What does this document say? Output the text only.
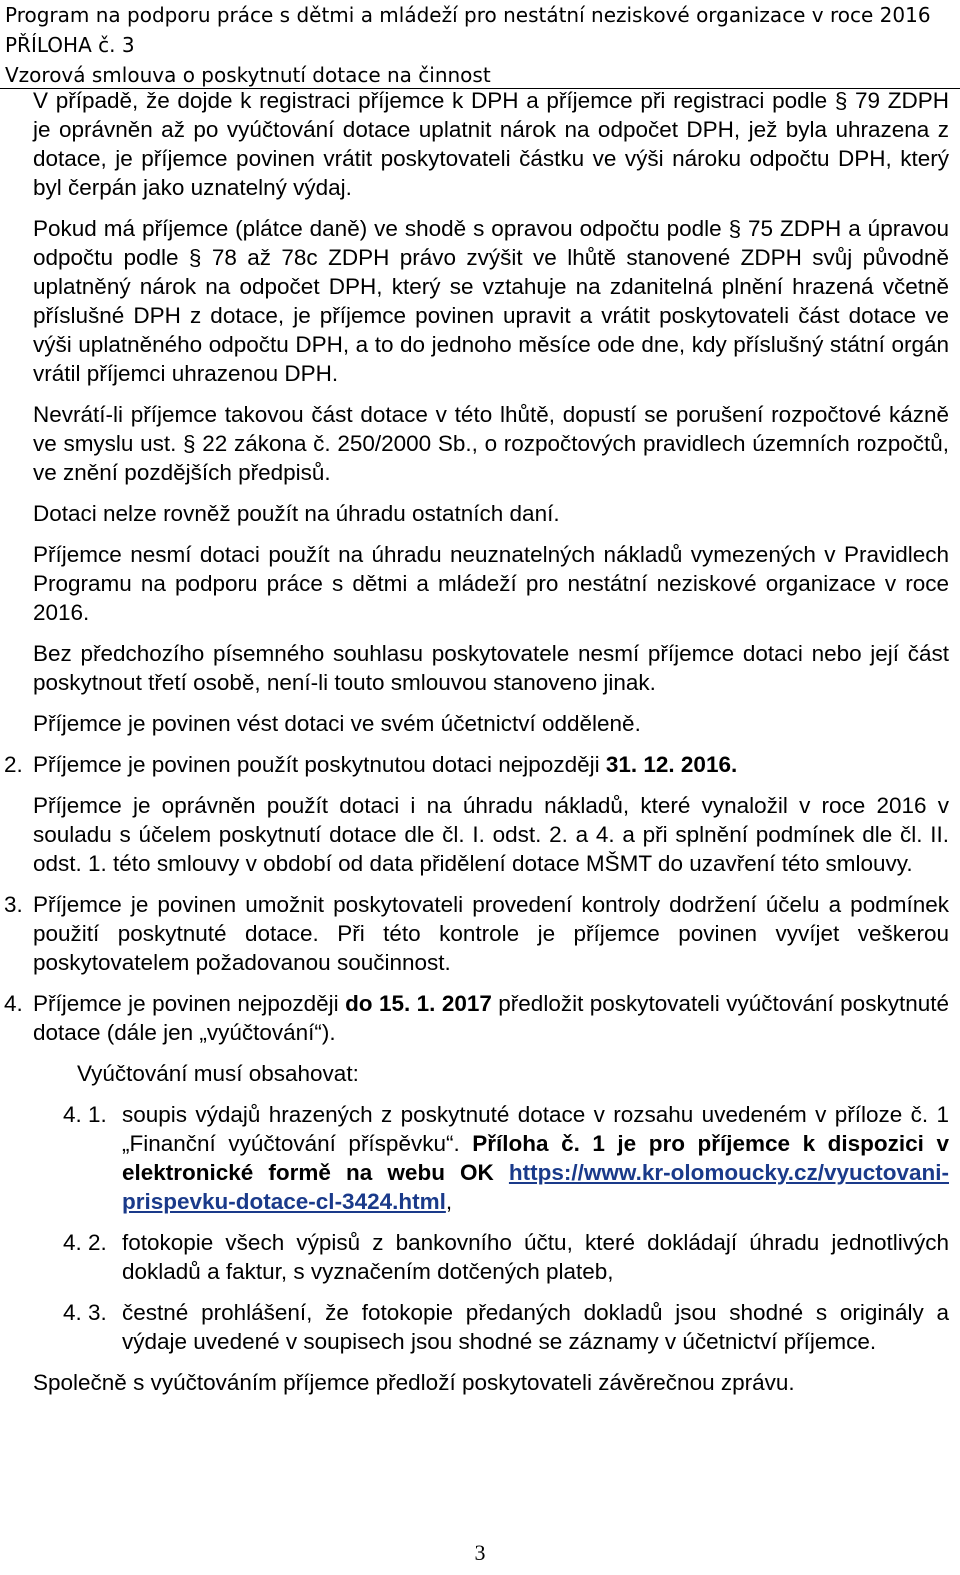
Program na podporu práce s dětmi a mládeží pro nestátní neziskové organizace v roce 2016
PŘÍLOHA č. 3
Vzorová smlouva o poskytnutí dotace na činnost

V případě, že dojde k registraci příjemce k DPH a příjemce při registraci podle § 79 ZDPH je oprávněn až po vyúčtování dotace uplatnit nárok na odpočet DPH, jež byla uhrazena z dotace, je příjemce povinen vrátit poskytovateli částku ve výši nároku odpočtu DPH, který byl čerpán jako uznatelný výdaj.

Pokud má příjemce (plátce daně) ve shodě s opravou odpočtu podle § 75 ZDPH a úpravou odpočtu podle § 78 až 78c ZDPH právo zvýšit ve lhůtě stanovené ZDPH svůj původně uplatněný nárok na odpočet DPH, který se vztahuje na zdanitelná plnění hrazená včetně příslušné DPH z dotace, je příjemce povinen upravit a vrátit poskytovateli část dotace ve výši uplatněného odpočtu DPH, a to do jednoho měsíce ode dne, kdy příslušný státní orgán vrátil příjemci uhrazenou DPH.

Nevrátí-li příjemce takovou část dotace v této lhůtě, dopustí se porušení rozpočtové kázně ve smyslu ust. § 22 zákona č. 250/2000 Sb., o rozpočtových pravidlech územních rozpočtů, ve znění pozdějších předpisů.

Dotaci nelze rovněž použít na úhradu ostatních daní.

Příjemce nesmí dotaci použít na úhradu neuznatelných nákladů vymezených v Pravidlech Programu na podporu práce s dětmi a mládeží pro nestátní neziskové organizace v roce 2016.

Bez předchozího písemného souhlasu poskytovatele nesmí příjemce dotaci nebo její část poskytnout třetí osobě, není-li touto smlouvou stanoveno jinak.

Příjemce je povinen vést dotaci ve svém účetnictví odděleně.

2. Příjemce je povinen použít poskytnutou dotaci nejpozději 31. 12. 2016.

Příjemce je oprávněn použít dotaci i na úhradu nákladů, které vynaložil v roce 2016 v souladu s účelem poskytnutí dotace dle čl. I. odst. 2. a 4. a při splnění podmínek dle čl. II. odst. 1. této smlouvy v období od data přidělení dotace MŠMT do uzavření této smlouvy.

3. Příjemce je povinen umožnit poskytovateli provedení kontroly dodržení účelu a podmínek použití poskytnuté dotace. Při této kontrole je příjemce povinen vyvíjet veškerou poskytovatelem požadovanou součinnost.

4. Příjemce je povinen nejpozději do 15. 1. 2017 předložit poskytovateli vyúčtování poskytnuté dotace (dále jen „vyúčtování“).

Vyúčtování musí obsahovat:

4. 1. soupis výdajů hrazených z poskytnuté dotace v rozsahu uvedeném v příloze č. 1 „Finanční vyúčtování příspěvku“. Příloha č. 1 je pro příjemce k dispozici v elektronické formě na webu OK https://www.kr-olomoucky.cz/vyuctovani-prispevku-dotace-cl-3424.html,

4. 2. fotokopie všech výpisů z bankovního účtu, které dokládají úhradu jednotlivých dokladů a faktur, s vyznačením dotčených plateb,

4. 3. čestné prohlášení, že fotokopie předaných dokladů jsou shodné s originály a výdaje uvedené v soupisech jsou shodné se záznamy v účetnictví příjemce.

Společně s vyúčtováním příjemce předloží poskytovateli závěrečnou zprávu.

3
